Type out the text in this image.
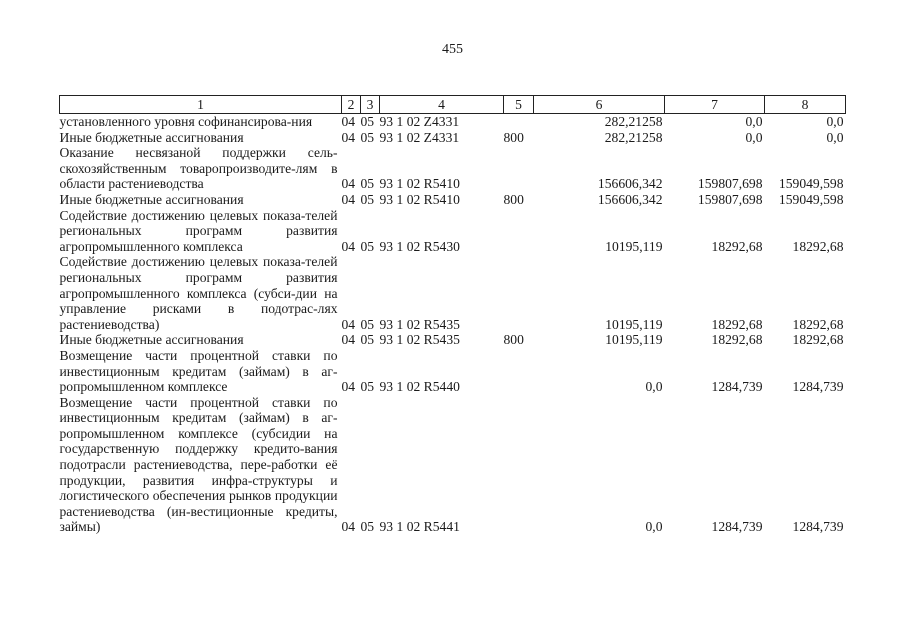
455
1	2	3	4	5	6	7	8
установленного уровня софинансирова-ния	04	05	93 1 02 Z4331		282,21258	0,0	0,0
Иные бюджетные ассигнования	04	05	93 1 02 Z4331	800	282,21258	0,0	0,0
Оказание несвязаной поддержки сель-скохозяйственным товаропроизводите-лям в области растениеводства	04	05	93 1 02 R5410		156606,342	159807,698	159049,598
Иные бюджетные ассигнования	04	05	93 1 02 R5410	800	156606,342	159807,698	159049,598
Содействие достижению целевых показа-телей региональных программ развития агропромышленного комплекса	04	05	93 1 02 R5430		10195,119	18292,68	18292,68
Содействие достижению целевых показа-телей региональных программ развития агропромышленного комплекса (субси-дии на управление рисками в подотрас-лях растениеводства)	04	05	93 1 02 R5435		10195,119	18292,68	18292,68
Иные бюджетные ассигнования	04	05	93 1 02 R5435	800	10195,119	18292,68	18292,68
Возмещение части процентной ставки по инвестиционным кредитам (займам) в аг-ропромышленном комплексе	04	05	93 1 02 R5440		0,0	1284,739	1284,739
Возмещение части процентной ставки по инвестиционным кредитам (займам) в аг-ропромышленном комплексе (субсидии на государственную поддержку кредито-вания подотрасли растениеводства, пере-работки её продукции, развития инфра-структуры и логистического обеспечения рынков продукции растениеводства (ин-вестиционные кредиты, займы)	04	05	93 1 02 R5441		0,0	1284,739	1284,739
